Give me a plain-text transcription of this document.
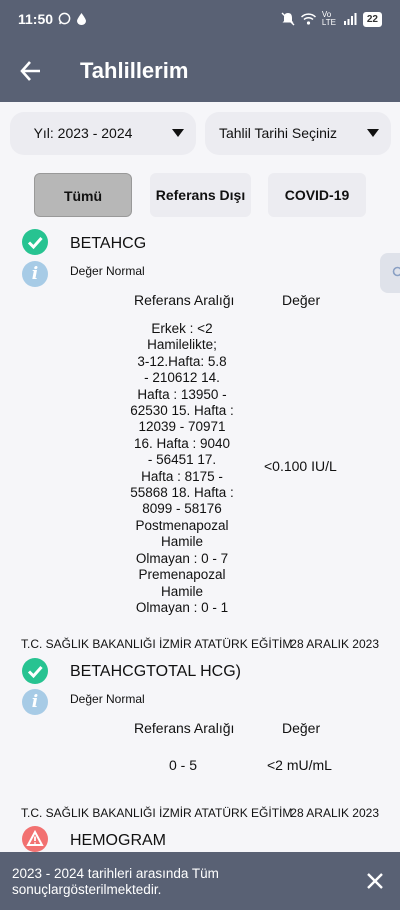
11:50	Vo LTE	22
Tahlillerim
Yıl: 2023 - 2024	Tahlil Tarihi Seçiniz
Tümü	Referans Dışı	COVID-19
BETAHCG
i	Değer Normal
Referans Aralığı	Değer
Erkek : <2
Hamilelikte;
3-12.Hafta: 5.8
- 210612 14.
Hafta : 13950 -
62530 15. Hafta :
12039 - 70971
16. Hafta : 9040
- 56451 17.
Hafta : 8175 -
55868 18. Hafta :
8099 - 58176
Postmenapozal
Hamile
Olmayan : 0 - 7
Premenapozal
Hamile
Olmayan : 0 - 1
<0.100 IU/L
T.C. SAĞLIK BAKANLIĞI İZMİR ATATÜRK EĞİTİM
28 ARALIK 2023
BETAHCGTOTAL HCG)
i	Değer Normal
Referans Aralığı	Değer
0 - 5	<2 mU/mL
T.C. SAĞLIK BAKANLIĞI İZMİR ATATÜRK EĞİTİM
28 ARALIK 2023
HEMOGRAM
2023 - 2024 tarihleri arasında Tüm sonuçlargösterilmektedir.
